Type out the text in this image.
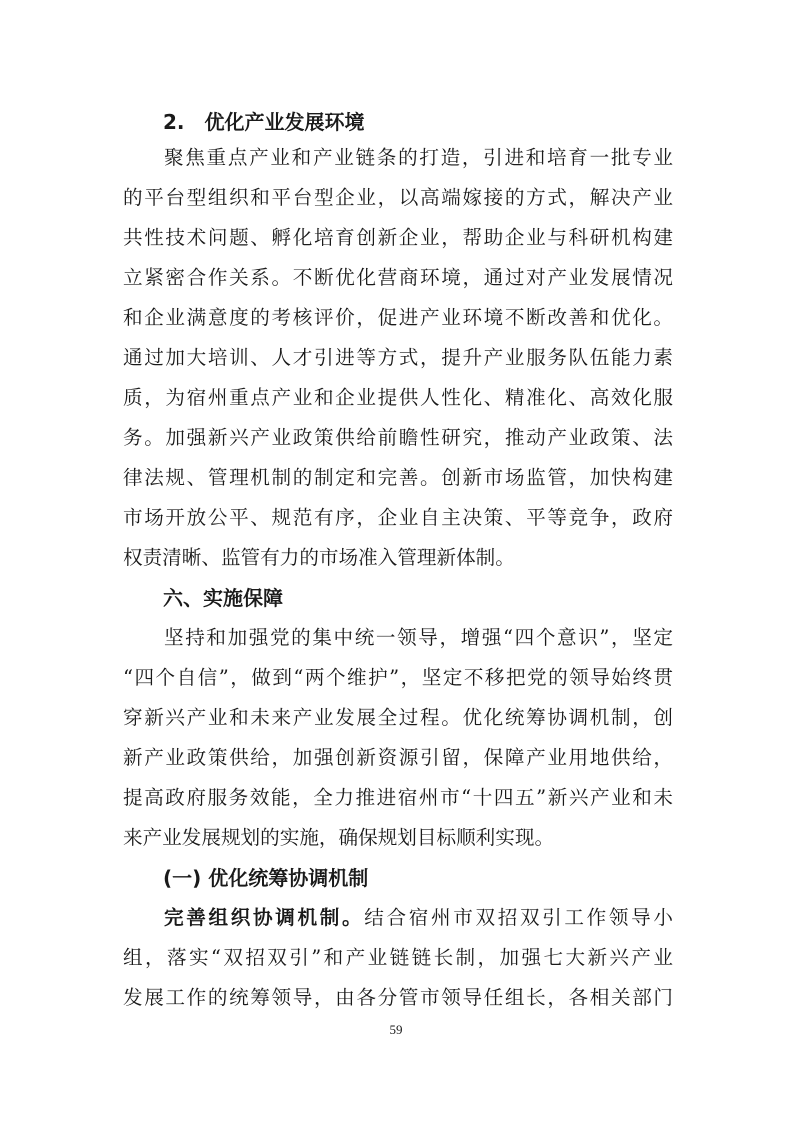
2.　优化产业发展环境
聚焦重点产业和产业链条的打造，引进和培育一批专业
的平台型组织和平台型企业，以高端嫁接的方式，解决产业
共性技术问题、孵化培育创新企业，帮助企业与科研机构建
立紧密合作关系。不断优化营商环境，通过对产业发展情况
和企业满意度的考核评价，促进产业环境不断改善和优化。
通过加大培训、人才引进等方式，提升产业服务队伍能力素
质，为宿州重点产业和企业提供人性化、精准化、高效化服
务。加强新兴产业政策供给前瞻性研究，推动产业政策、法
律法规、管理机制的制定和完善。创新市场监管，加快构建
市场开放公平、规范有序，企业自主决策、平等竞争，政府
权责清晰、监管有力的市场准入管理新体制。
六、实施保障
坚持和加强党的集中统一领导，增强“四个意识”，坚定
“四个自信”，做到“两个维护”，坚定不移把党的领导始终贯
穿新兴产业和未来产业发展全过程。优化统筹协调机制，创
新产业政策供给，加强创新资源引留，保障产业用地供给，
提高政府服务效能，全力推进宿州市“十四五”新兴产业和未
来产业发展规划的实施，确保规划目标顺利实现。
(一) 优化统筹协调机制
完善组织协调机制。结合宿州市双招双引工作领导小
组，落实“双招双引”和产业链链长制，加强七大新兴产业
发展工作的统筹领导，由各分管市领导任组长，各相关部门
59
